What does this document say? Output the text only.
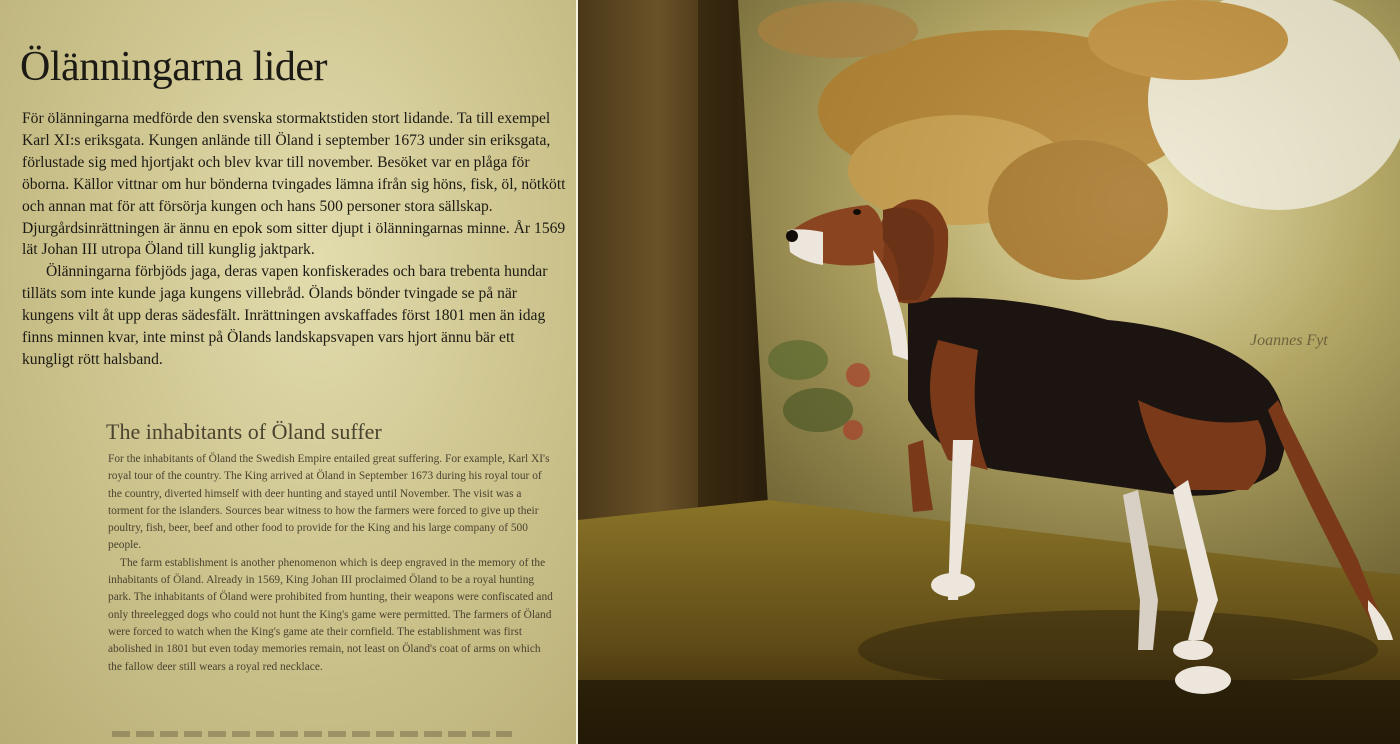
Ölänningarna lider

För ölänningarna medförde den svenska stormaktstiden stort lidande. Ta till exempel Karl XI:s eriksgata. Kungen anlände till Öland i september 1673 under sin eriksgata, förlustade sig med hjortjakt och blev kvar till november. Besöket var en plåga för öborna. Källor vittnar om hur bönderna tvingades lämna ifrån sig höns, fisk, öl, nötkött och annan mat för att försörja kungen och hans 500 personer stora sällskap. Djurgårdsinrättningen är ännu en epok som sitter djupt i ölänningarnas minne. År 1569 lät Johan III utropa Öland till kunglig jaktpark.

Ölänningarna förbjöds jaga, deras vapen konfiskerades och bara trebenta hundar tilläts som inte kunde jaga kungens villebråd. Ölands bönder tvingade se på när kungens vilt åt upp deras sädesfält. Inrättningen avskaffades först 1801 men än idag finns minnen kvar, inte minst på Ölands landskapsvapen vars hjort ännu bär ett kungligt rött halsband.

The inhabitants of Öland suffer

For the inhabitants of Öland the Swedish Empire entailed great suffering. For example, Karl XI's royal tour of the country. The King arrived at Öland in September 1673 during his royal tour of the country, diverted himself with deer hunting and stayed until November. The visit was a torment for the islanders. Sources bear witness to how the farmers were forced to give up their poultry, fish, beer, beef and other food to provide for the King and his large company of 500 people.

The farm establishment is another phenomenon which is deep engraved in the memory of the inhabitants of Öland. Already in 1569, King Johan III proclaimed Öland to be a royal hunting park. The inhabitants of Öland were prohibited from hunting, their weapons were confiscated and only threelegged dogs who could not hunt the King's game were permitted. The farmers of Öland were forced to watch when the King's game ate their cornfield. The establishment was first abolished in 1801 but even today memories remain, not least on Öland's coat of arms on which the fallow deer still wears a royal red necklace.

Joannes Fyt
